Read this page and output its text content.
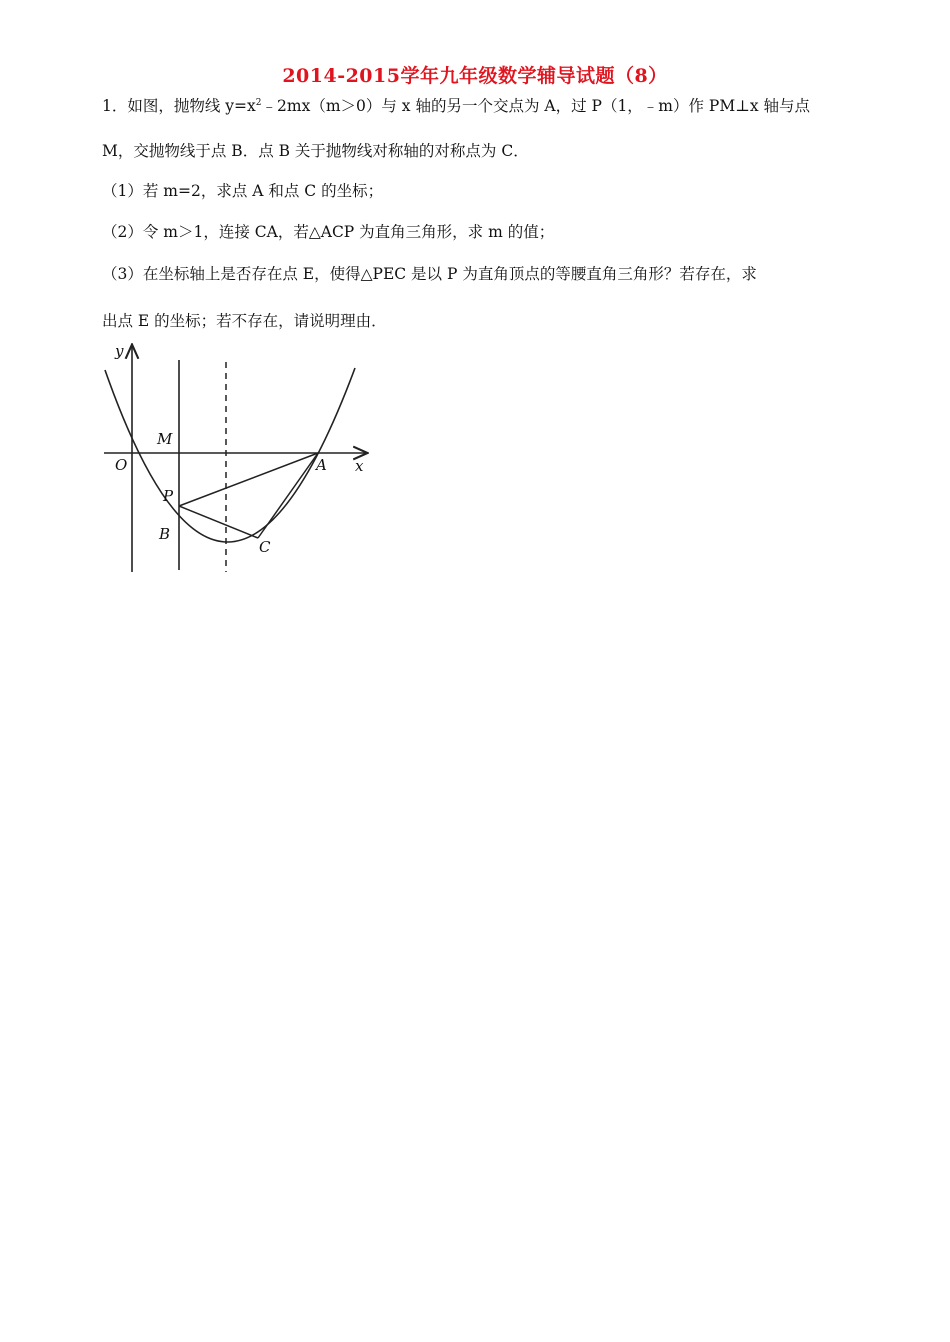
2014-2015学年九年级数学辅导试题（8）
1．如图，抛物线 $y=x^2﹣2mx(m>0)$与 x 轴的另一个交点为 A，过 P（1，﹣m）作 PM⊥x 轴与点
M，交抛物线于点 B．点 B 关于抛物线对称轴的对称点为 C．
（1）若 m=2，求点 A 和点 C 的坐标；
（2）令 m＞1，连接 CA，若△ACP 为直角三角形，求 m 的值；
（3）在坐标轴上是否存在点 E，使得△PEC 是以 P 为直角顶点的等腰直角三角形？若存在，求
出点 E 的坐标；若不存在，请说明理由．
y
x
O
M
A
P
B
C
